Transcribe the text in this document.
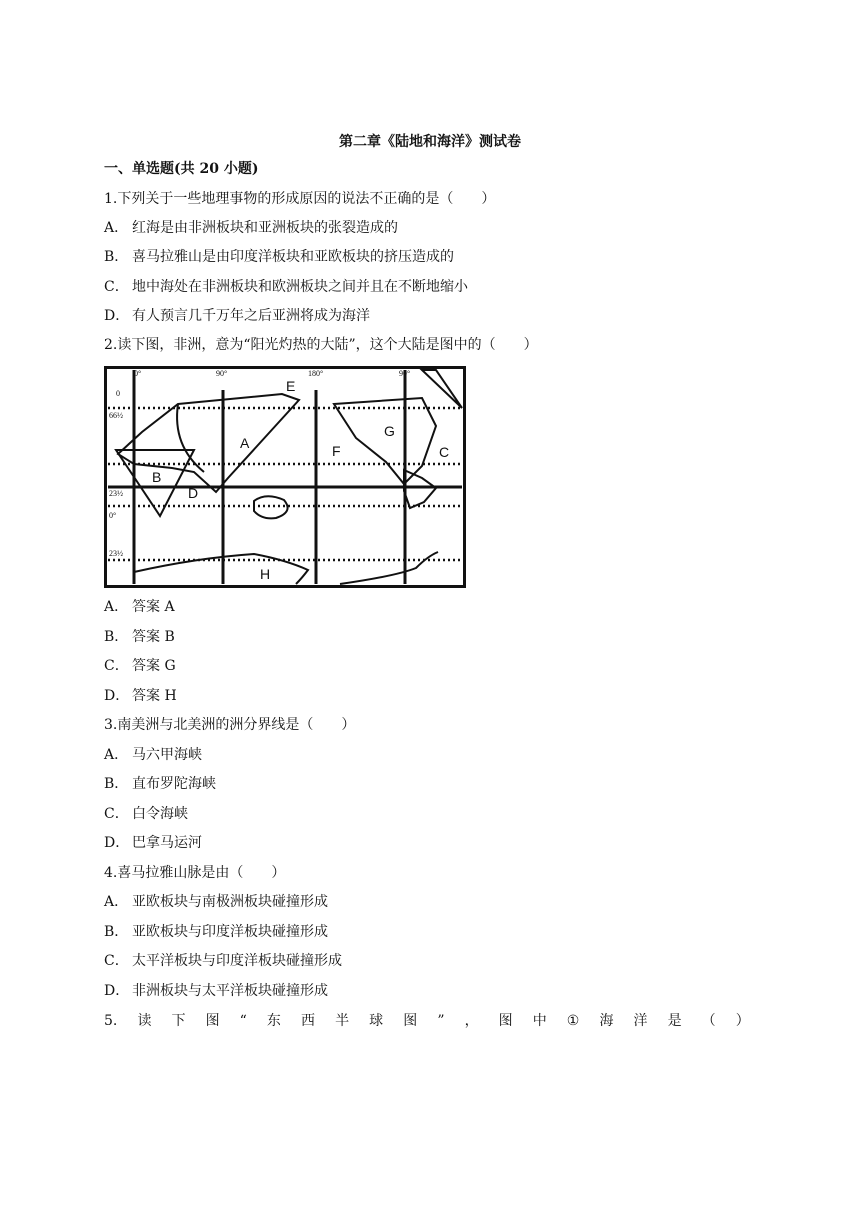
第二章《陆地和海洋》测试卷
一、单选题(共 20 小题)
1.下列关于一些地理事物的形成原因的说法不正确的是（　　）
A． 红海是由非洲板块和亚洲板块的张裂造成的
B． 喜马拉雅山是由印度洋板块和亚欧板块的挤压造成的
C． 地中海处在非洲板块和欧洲板块之间并且在不断地缩小
D． 有人预言几千万年之后亚洲将成为海洋
2.读下图，非洲，意为“阳光灼热的大陆”，这个大陆是图中的（　　）
A
B
C
D
E
F
G
H
0°	90°	180°	90°
0
66½
23½
0°
23½
A． 答案 A
B． 答案 B
C． 答案 G
D． 答案 H
3.南美洲与北美洲的洲分界线是（　　）
A． 马六甲海峡
B． 直布罗陀海峡
C． 白令海峡
D． 巴拿马运河
4.喜马拉雅山脉是由（　　）
A． 亚欧板块与南极洲板块碰撞形成
B． 亚欧板块与印度洋板块碰撞形成
C． 太平洋板块与印度洋板块碰撞形成
D． 非洲板块与太平洋板块碰撞形成
5. 读 下 图 “ 东 西 半 球 图 ” ， 图 中 ① 海 洋 是 （ ）
